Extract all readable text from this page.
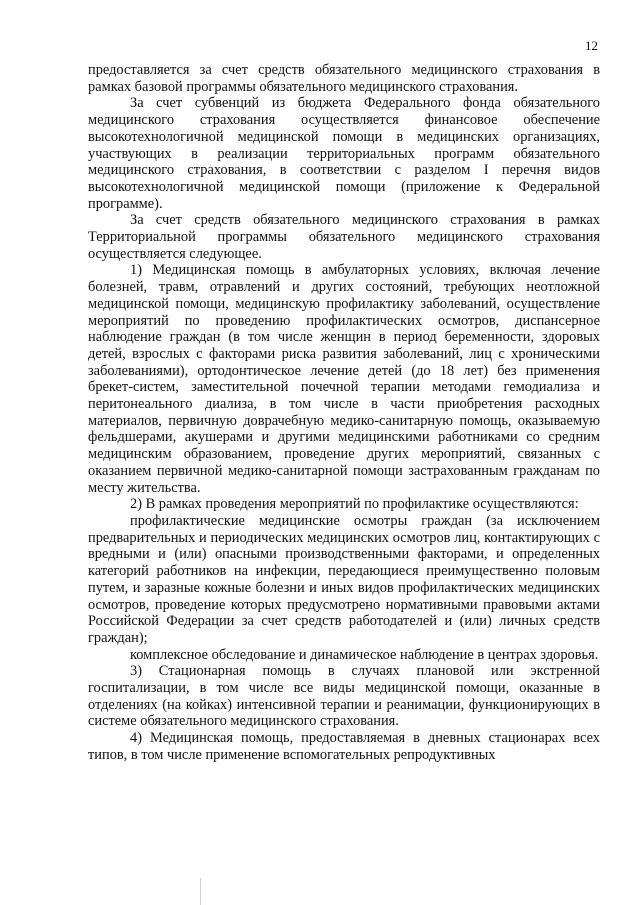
12

предоставляется за счет средств обязательного медицинского страхования в рамках базовой программы обязательного медицинского страхования.

За счет субвенций из бюджета Федерального фонда обязательного медицинского страхования осуществляется финансовое обеспечение высокотехнологичной медицинской помощи в медицинских организациях, участвующих в реализации территориальных программ обязательного медицинского страхования, в соответствии с разделом I перечня видов высокотехнологичной медицинской помощи (приложение к Федеральной программе).

За счет средств обязательного медицинского страхования в рамках Территориальной программы обязательного медицинского страхования осуществляется следующее.

1) Медицинская помощь в амбулаторных условиях, включая лечение болезней, травм, отравлений и других состояний, требующих неотложной медицинской помощи, медицинскую профилактику заболеваний, осуществление мероприятий по проведению профилактических осмотров, диспансерное наблюдение граждан (в том числе женщин в период беременности, здоровых детей, взрослых с факторами риска развития заболеваний, лиц с хроническими заболеваниями), ортодонтическое лечение детей (до 18 лет) без применения брекет-систем, заместительной почечной терапии методами гемодиализа и перитонеального диализа, в том числе в части приобретения расходных материалов, первичную доврачебную медико-санитарную помощь, оказываемую фельдшерами, акушерами и другими медицинскими работниками со средним медицинским образованием, проведение других мероприятий, связанных с оказанием первичной медико-санитарной помощи застрахованным гражданам по месту жительства.

2) В рамках проведения мероприятий по профилактике осуществляются:

профилактические медицинские осмотры граждан (за исключением предварительных и периодических медицинских осмотров лиц, контактирующих с вредными и (или) опасными производственными факторами, и определенных категорий работников на инфекции, передающиеся преимущественно половым путем, и заразные кожные болезни и иных видов профилактических медицинских осмотров, проведение которых предусмотрено нормативными правовыми актами Российской Федерации за счет средств работодателей и (или) личных средств граждан);

комплексное обследование и динамическое наблюдение в центрах здоровья.

3) Стационарная помощь в случаях плановой или экстренной госпитализации, в том числе все виды медицинской помощи, оказанные в отделениях (на койках) интенсивной терапии и реанимации, функционирующих в системе обязательного медицинского страхования.

4) Медицинская помощь, предоставляемая в дневных стационарах всех типов, в том числе применение вспомогательных репродуктивных
